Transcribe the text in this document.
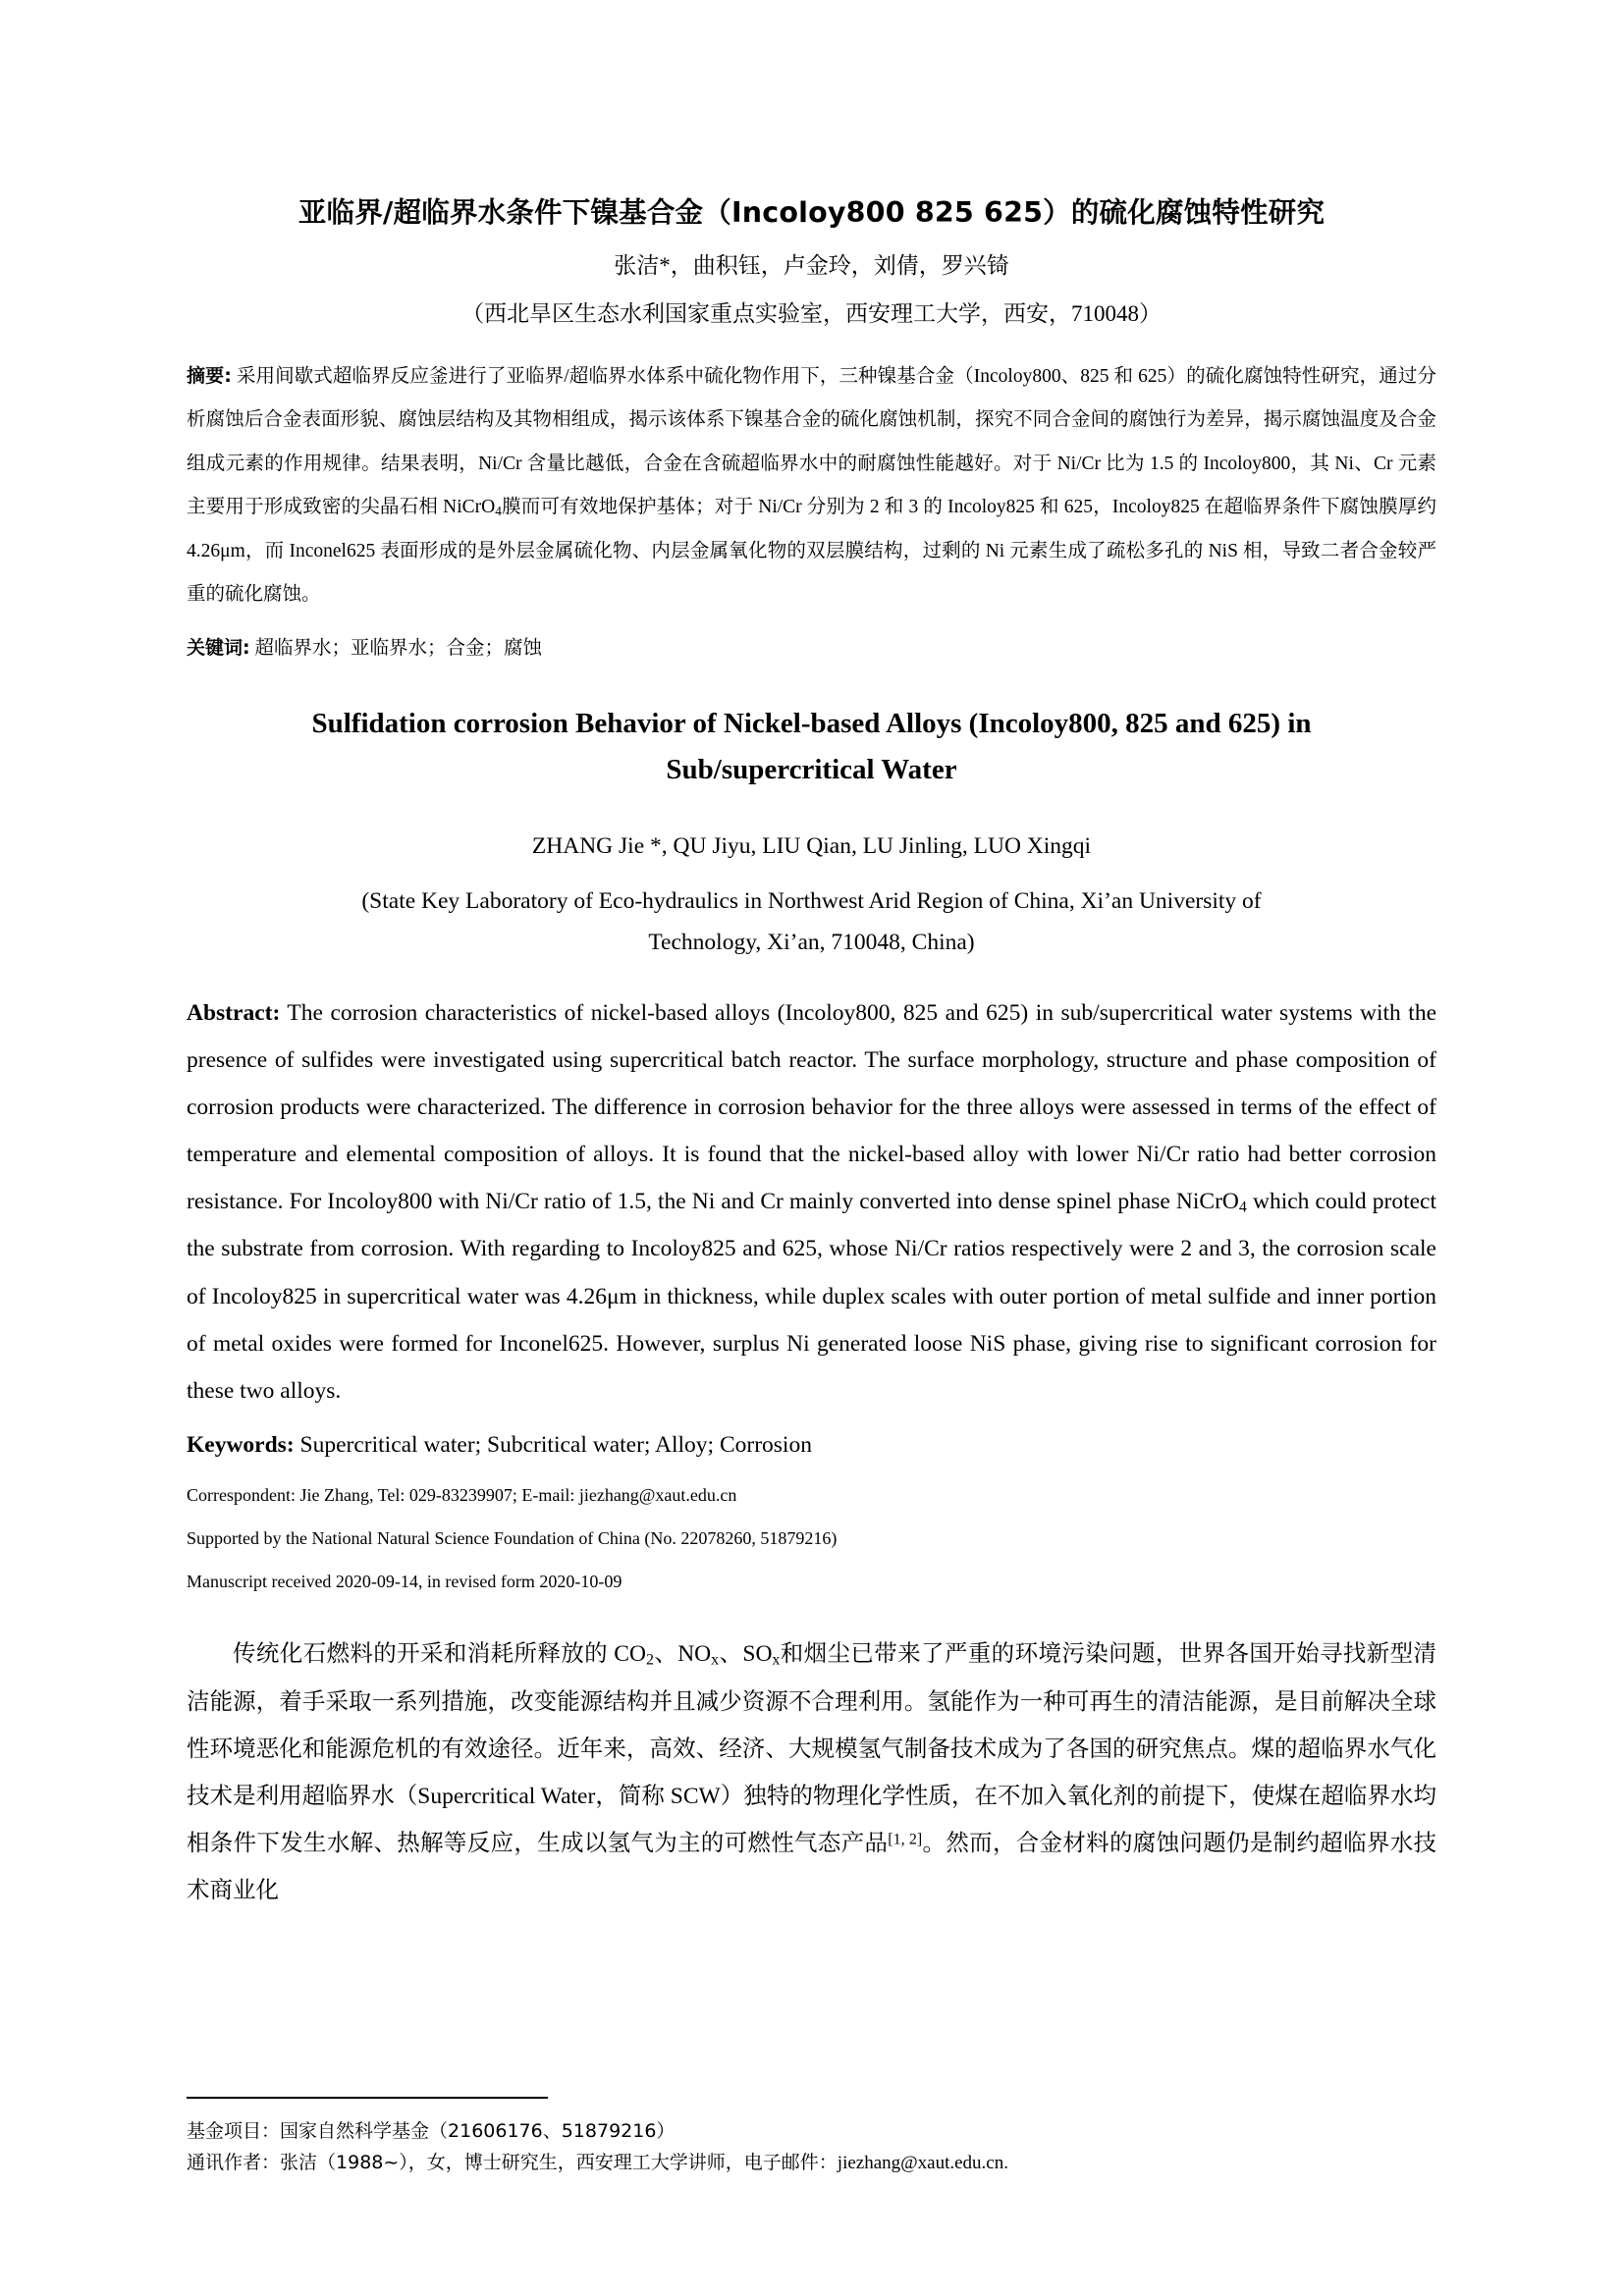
亚临界/超临界水条件下镍基合金（Incoloy800 825 625）的硫化腐蚀特性研究
张洁*，曲积钰，卢金玲，刘倩，罗兴锜
（西北旱区生态水利国家重点实验室，西安理工大学，西安，710048）
摘要: 采用间歇式超临界反应釜进行了亚临界/超临界水体系中硫化物作用下，三种镍基合金（Incoloy800、825 和 625）的硫化腐蚀特性研究，通过分析腐蚀后合金表面形貌、腐蚀层结构及其物相组成，揭示该体系下镍基合金的硫化腐蚀机制，探究不同合金间的腐蚀行为差异，揭示腐蚀温度及合金组成元素的作用规律。结果表明，Ni/Cr 含量比越低，合金在含硫超临界水中的耐腐蚀性能越好。对于 Ni/Cr 比为 1.5 的 Incoloy800，其 Ni、Cr 元素主要用于形成致密的尖晶石相 NiCrO$_4$膜而可有效地保护基体；对于 Ni/Cr 分别为 2 和 3 的 Incoloy825 和 625，Incoloy825 在超临界条件下腐蚀膜厚约 4.26μm，而 Inconel625 表面形成的是外层金属硫化物、内层金属氧化物的双层膜结构，过剩的 Ni 元素生成了疏松多孔的 NiS 相，导致二者合金较严重的硫化腐蚀。
关键词: 超临界水；亚临界水；合金；腐蚀
Sulfidation corrosion Behavior of Nickel-based Alloys (Incoloy800, 825 and 625) in
Sub/supercritical Water
ZHANG Jie *, QU Jiyu, LIU Qian, LU Jinling, LUO Xingqi
(State Key Laboratory of Eco-hydraulics in Northwest Arid Region of China, Xi’an University of
Technology, Xi’an, 710048, China)
Abstract: The corrosion characteristics of nickel-based alloys (Incoloy800, 825 and 625) in sub/supercritical water systems with the presence of sulfides were investigated using supercritical batch reactor. The surface morphology, structure and phase composition of corrosion products were characterized. The difference in corrosion behavior for the three alloys were assessed in terms of the effect of temperature and elemental composition of alloys. It is found that the nickel-based alloy with lower Ni/Cr ratio had better corrosion resistance. For Incoloy800 with Ni/Cr ratio of 1.5, the Ni and Cr mainly converted into dense spinel phase NiCrO$_4$ which could protect the substrate from corrosion. With regarding to Incoloy825 and 625, whose Ni/Cr ratios respectively were 2 and 3, the corrosion scale of Incoloy825 in supercritical water was 4.26μm in thickness, while duplex scales with outer portion of metal sulfide and inner portion of metal oxides were formed for Inconel625. However, surplus Ni generated loose NiS phase, giving rise to significant corrosion for these two alloys.
Keywords: Supercritical water; Subcritical water; Alloy; Corrosion
Correspondent: Jie Zhang, Tel: 029-83239907; E-mail: jiezhang@xaut.edu.cn
Supported by the National Natural Science Foundation of China (No. 22078260, 51879216)
Manuscript received 2020-09-14, in revised form 2020-10-09
传统化石燃料的开采和消耗所释放的 $CO_2$、$NO_x$、$SO_x$和烟尘已带来了严重的环境污染问题，世界各国开始寻找新型清洁能源，着手采取一系列措施，改变能源结构并且减少资源不合理利用。氢能作为一种可再生的清洁能源，是目前解决全球性环境恶化和能源危机的有效途径。近年来，高效、经济、大规模氢气制备技术成为了各国的研究焦点。煤的超临界水气化技术是利用超临界水（Supercritical Water，简称 SCW）独特的物理化学性质，在不加入氧化剂的前提下，使煤在超临界水均相条件下发生水解、热解等反应，生成以氢气为主的可燃性气态产品[1, 2]。然而，合金材料的腐蚀问题仍是制约超临界水技术商业化
基金项目：国家自然科学基金（21606176、51879216）
通讯作者：张洁（1988~），女，博士研究生，西安理工大学讲师，电子邮件：jiezhang@xaut.edu.cn.
